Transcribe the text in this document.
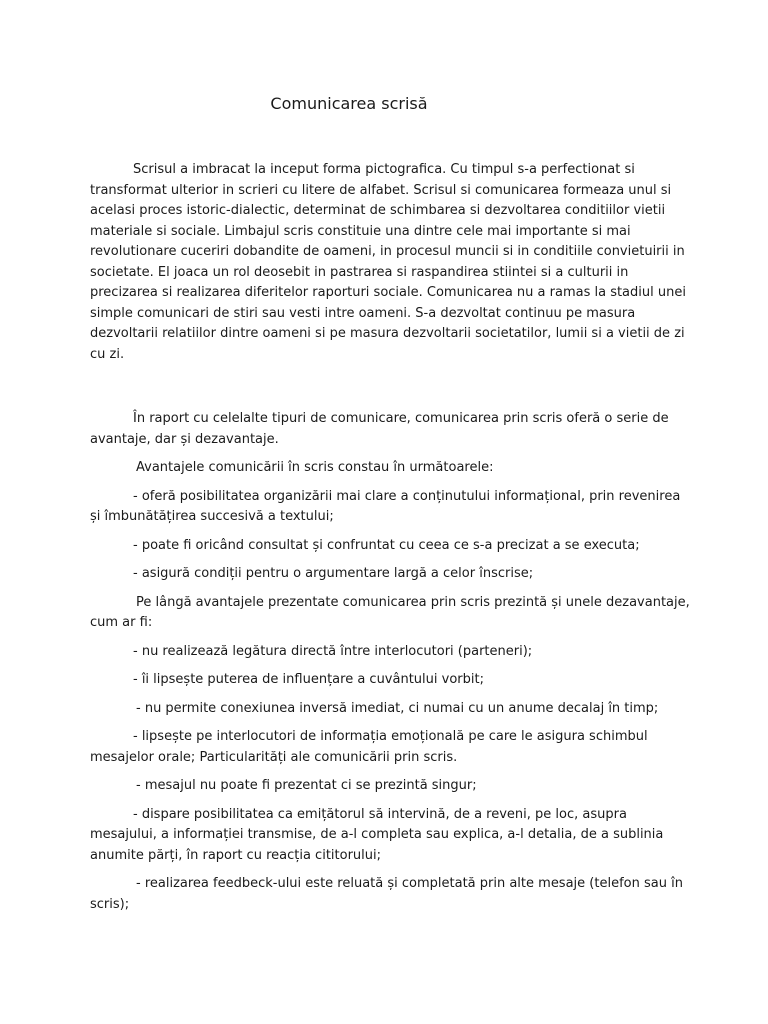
Comunicarea scrisă

Scrisul a imbracat la inceput forma pictografica. Cu timpul s-a perfectionat si transformat ulterior in scrieri cu litere de alfabet. Scrisul si comunicarea formeaza unul si acelasi proces istoric-dialectic, determinat de schimbarea si dezvoltarea conditiilor vietii materiale si sociale. Limbajul scris constituie una dintre cele mai importante si mai revolutionare cuceriri dobandite de oameni, in procesul muncii si in conditiile convietuirii in societate. El joaca un rol deosebit in pastrarea si raspandirea stiintei si a culturii in precizarea si realizarea diferitelor raporturi sociale. Comunicarea nu a ramas la stadiul unei simple comunicari de stiri sau vesti intre oameni. S-a dezvoltat continuu pe masura dezvoltarii relatiilor dintre oameni si pe masura dezvoltarii societatilor, lumii si a vietii de zi cu zi.

În raport cu celelalte tipuri de comunicare, comunicarea prin scris oferă o serie de avantaje, dar și dezavantaje.

Avantajele comunicării în scris constau în următoarele:

- oferă posibilitatea organizării mai clare a conținutului informațional, prin revenirea și îmbunătățirea succesivă a textului;

- poate fi oricând consultat și confruntat cu ceea ce s-a precizat a se executa;

- asigură condiții pentru o argumentare largă a celor înscrise;

Pe lângă avantajele prezentate comunicarea prin scris prezintă și unele dezavantaje, cum ar fi:

- nu realizează legătura directă între interlocutori (parteneri);

- îi lipsește puterea de influențare a cuvântului vorbit;

- nu permite conexiunea inversă imediat, ci numai cu un anume decalaj în timp;

- lipsește pe interlocutori de informația emoțională pe care le asigura schimbul mesajelor orale; Particularități ale comunicării prin scris.

- mesajul nu poate fi prezentat ci se prezintă singur;

- dispare posibilitatea ca emițătorul să intervină, de a reveni, pe loc, asupra mesajului, a informației transmise, de a-l completa sau explica, a-l detalia, de a sublinia anumite părți, în raport cu reacția cititorului;

- realizarea feedbeck-ului este reluată și completată prin alte mesaje (telefon sau în scris);
